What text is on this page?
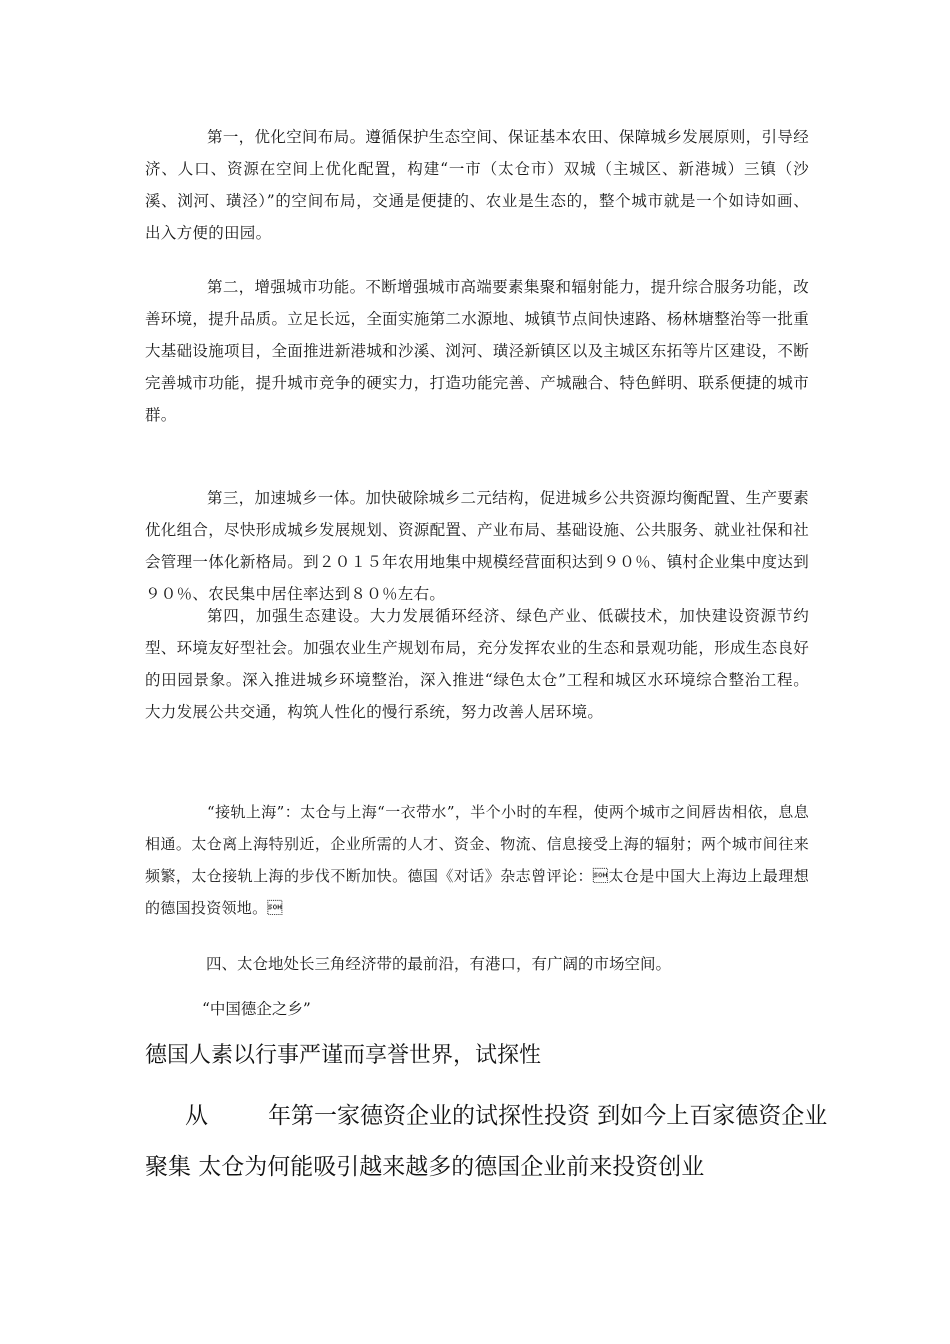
第一，优化空间布局。遵循保护生态空间、保证基本农田、保障城乡发展原则，引导经济、人口、资源在空间上优化配置，构建“一市（太仓市）双城（主城区、新港城）三镇（沙溪、浏河、璜泾）”的空间布局，交通是便捷的、农业是生态的，整个城市就是一个如诗如画、出入方便的田园。

第二，增强城市功能。不断增强城市高端要素集聚和辐射能力，提升综合服务功能，改善环境，提升品质。立足长远，全面实施第二水源地、城镇节点间快速路、杨林塘整治等一批重大基础设施项目，全面推进新港城和沙溪、浏河、璜泾新镇区以及主城区东拓等片区建设，不断完善城市功能，提升城市竞争的硬实力，打造功能完善、产城融合、特色鲜明、联系便捷的城市群。

第三，加速城乡一体。加快破除城乡二元结构，促进城乡公共资源均衡配置、生产要素优化组合，尽快形成城乡发展规划、资源配置、产业布局、基础设施、公共服务、就业社保和社会管理一体化新格局。到２０１５年农用地集中规模经营面积达到９０％、镇村企业集中度达到９０％、农民集中居住率达到８０％左右。

第四，加强生态建设。大力发展循环经济、绿色产业、低碳技术，加快建设资源节约型、环境友好型社会。加强农业生产规划布局，充分发挥农业的生态和景观功能，形成生态良好的田园景象。深入推进城乡环境整治，深入推进“绿色太仓”工程和城区水环境综合整治工程。大力发展公共交通，构筑人性化的慢行系统，努力改善人居环境。

“接轨上海”：太仓与上海“一衣带水”，半个小时的车程，使两个城市之间唇齿相依，息息相通。太仓离上海特别近，企业所需的人才、资金、物流、信息接受上海的辐射；两个城市间往来频繁，太仓接轨上海的步伐不断加快。德国《对话》杂志曾评论：太仓是中国大上海边上最理想的德国投资领地。

四、太仓地处长三角经济带的最前沿，有港口，有广阔的市场空间。

“中国德企之乡”

德国人素以行事严谨而享誉世界，试探性

从	年第一家德资企业的试探性投资 到如今上百家德资企业

聚集 太仓为何能吸引越来越多的德国企业前来投资创业
